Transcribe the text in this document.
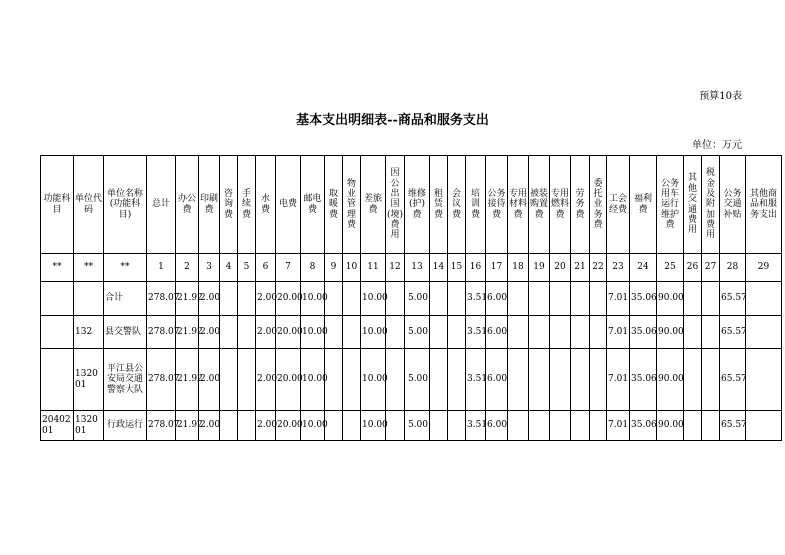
预算10表
基本支出明细表--商品和服务支出
单位：万元
功能科目	单位代码	单位名称(功能科目)	总计	办公费	印刷费	咨询费	手续费	水费	电费	邮电费	取暖费	物业管理费	差旅费	因公出国(境)费用	维修(护)费	租赁费	会议费	培训费	公务接待费	专用材料费	被装购置费	专用燃料费	劳务费	委托业务费	工会经费	福利费	公务用车运行维护费	其他交通费用	税金及附加费用	公务交通补贴	其他商品和服务支出
**	**	**	1	2	3	4	5	6	7	8	9	10	11	12	13	14	15	16	17	18	19	20	21	22	23	24	25	26	27	28	29
		合计	278.07	21.92	2.00			2.00	20.00	10.00			10.00		5.00			3.51	6.00						7.01	35.06	90.00			65.57	
	132	县交警队	278.07	21.92	2.00			2.00	20.00	10.00			10.00		5.00			3.51	6.00						7.01	35.06	90.00			65.57	
	132001	平江县公安局交通警察大队	278.07	21.92	2.00			2.00	20.00	10.00			10.00		5.00			3.51	6.00						7.01	35.06	90.00			65.57	
2040201	132001	行政运行	278.07	21.92	2.00			2.00	20.00	10.00			10.00		5.00			3.51	6.00						7.01	35.06	90.00			65.57	
